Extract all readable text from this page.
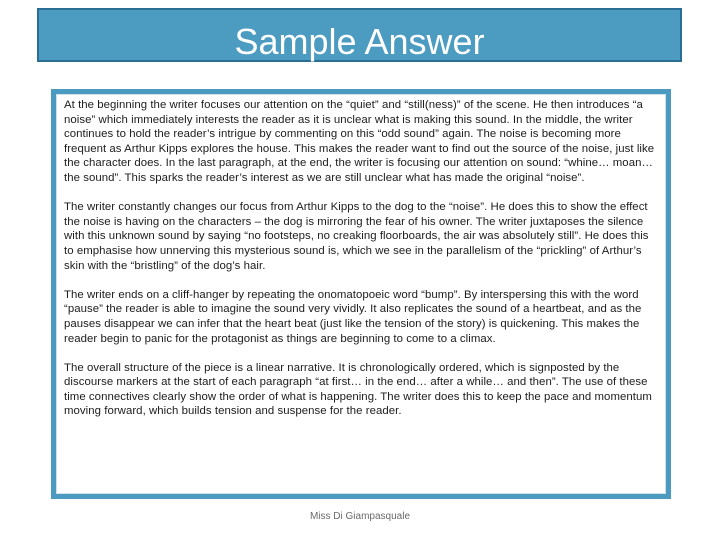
Sample Answer

At the beginning the writer focuses our attention on the “quiet” and “still(ness)” of the scene. He then introduces “a noise” which immediately interests the reader as it is unclear what is making this sound. In the middle, the writer continues to hold the reader’s intrigue by commenting on this “odd sound” again. The noise is becoming more frequent as Arthur Kipps explores the house. This makes the reader want to find out the source of the noise, just like the character does. In the last paragraph, at the end, the writer is focusing our attention on sound: “whine… moan… the sound”. This sparks the reader’s interest as we are still unclear what has made the original “noise”.

The writer constantly changes our focus from Arthur Kipps to the dog to the “noise”. He does this to show the effect the noise is having on the characters – the dog is mirroring the fear of his owner. The writer juxtaposes the silence with this unknown sound by saying “no footsteps, no creaking floorboards, the air was absolutely still”. He does this to emphasise how unnerving this mysterious sound is, which we see in the parallelism of the “prickling” of Arthur’s skin with the “bristling” of the dog’s hair.

The writer ends on a cliff-hanger by repeating the onomatopoeic word “bump”. By interspersing this with the word “pause” the reader is able to imagine the sound very vividly. It also replicates the sound of a heartbeat, and as the pauses disappear we can infer that the heart beat (just like the tension of the story) is quickening. This makes the reader begin to panic for the protagonist as things are beginning to come to a climax.

The overall structure of the piece is a linear narrative. It is chronologically ordered, which is signposted by the discourse markers at the start of each paragraph “at first… in the end… after a while… and then”. The use of these time connectives clearly show the order of what is happening. The writer does this to keep the pace and momentum moving forward, which builds tension and suspense for the reader.

Miss Di Giampasquale
